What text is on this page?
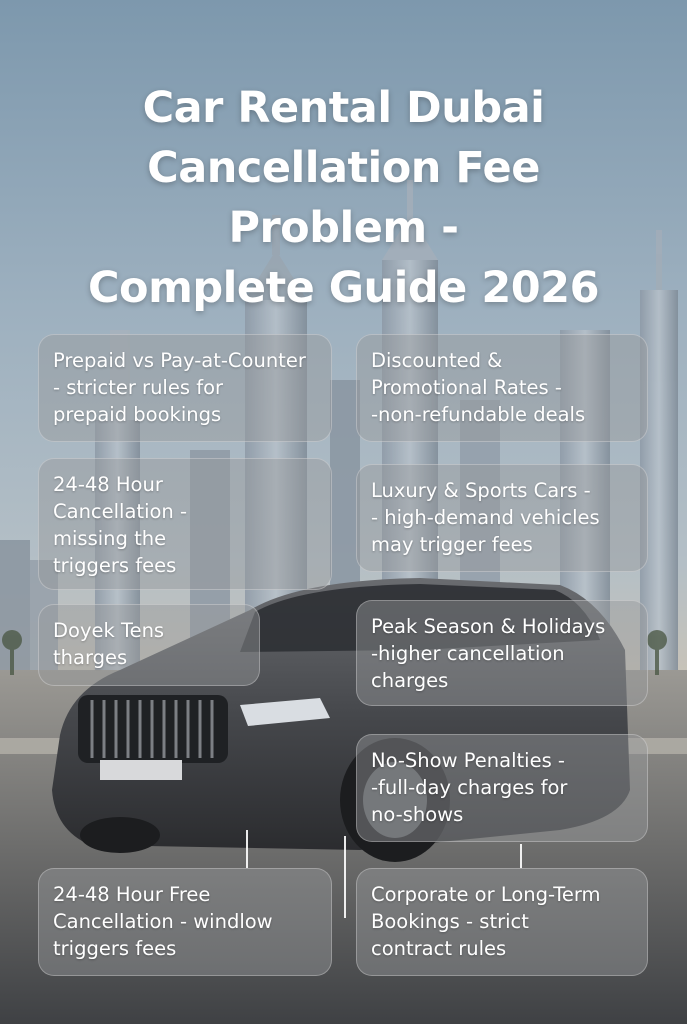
Car Rental Dubai
Cancellation Fee
Problem -
Complete Guide 2026
Prepaid vs Pay-at-Counter
- stricter rules for
prepaid bookings
Discounted &
Promotional Rates -
-non-refundable deals
24-48 Hour
Cancellation -
missing the
triggers fees
Luxury & Sports Cars -
- high-demand vehicles
may trigger fees
Doyek Tens
tharges
Peak Season & Holidays
-higher cancellation
charges
No-Show Penalties -
-full-day charges for
no-shows
24-48 Hour Free
Cancellation - windlow
triggers fees
Corporate or Long-Term
Bookings - strict
contract rules
